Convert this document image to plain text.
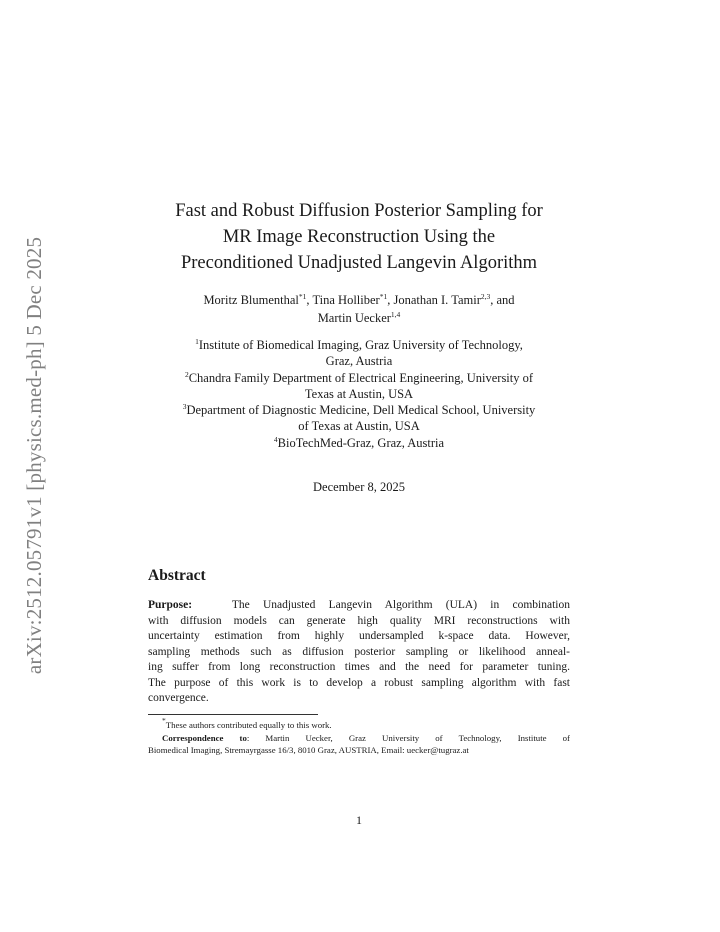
arXiv:2512.05791v1 [physics.med-ph] 5 Dec 2025
Fast and Robust Diffusion Posterior Sampling for
MR Image Reconstruction Using the
Preconditioned Unadjusted Langevin Algorithm
Moritz Blumenthal$^{*1}$, Tina Holliber$^{*1}$, Jonathan I. Tamir$^{2,3}$, and
Martin Uecker$^{1,4}$
$^1$Institute of Biomedical Imaging, Graz University of Technology,
Graz, Austria
$^2$Chandra Family Department of Electrical Engineering, University of
Texas at Austin, USA
$^3$Department of Diagnostic Medicine, Dell Medical School, University
of Texas at Austin, USA
$^4$BioTechMed-Graz, Graz, Austria
December 8, 2025
Abstract
Purpose:	The Unadjusted Langevin Algorithm (ULA) in combination
with diffusion models can generate high quality MRI reconstructions with
uncertainty estimation from highly undersampled k-space data. However,
sampling methods such as diffusion posterior sampling or likelihood anneal-
ing suffer from long reconstruction times and the need for parameter tuning.
The purpose of this work is to develop a robust sampling algorithm with fast
convergence.
*These authors contributed equally to this work.
Correspondence to: Martin Uecker, Graz University of Technology, Institute of
Biomedical Imaging, Stremayrgasse 16/3, 8010 Graz, AUSTRIA, Email: uecker@tugraz.at
1
